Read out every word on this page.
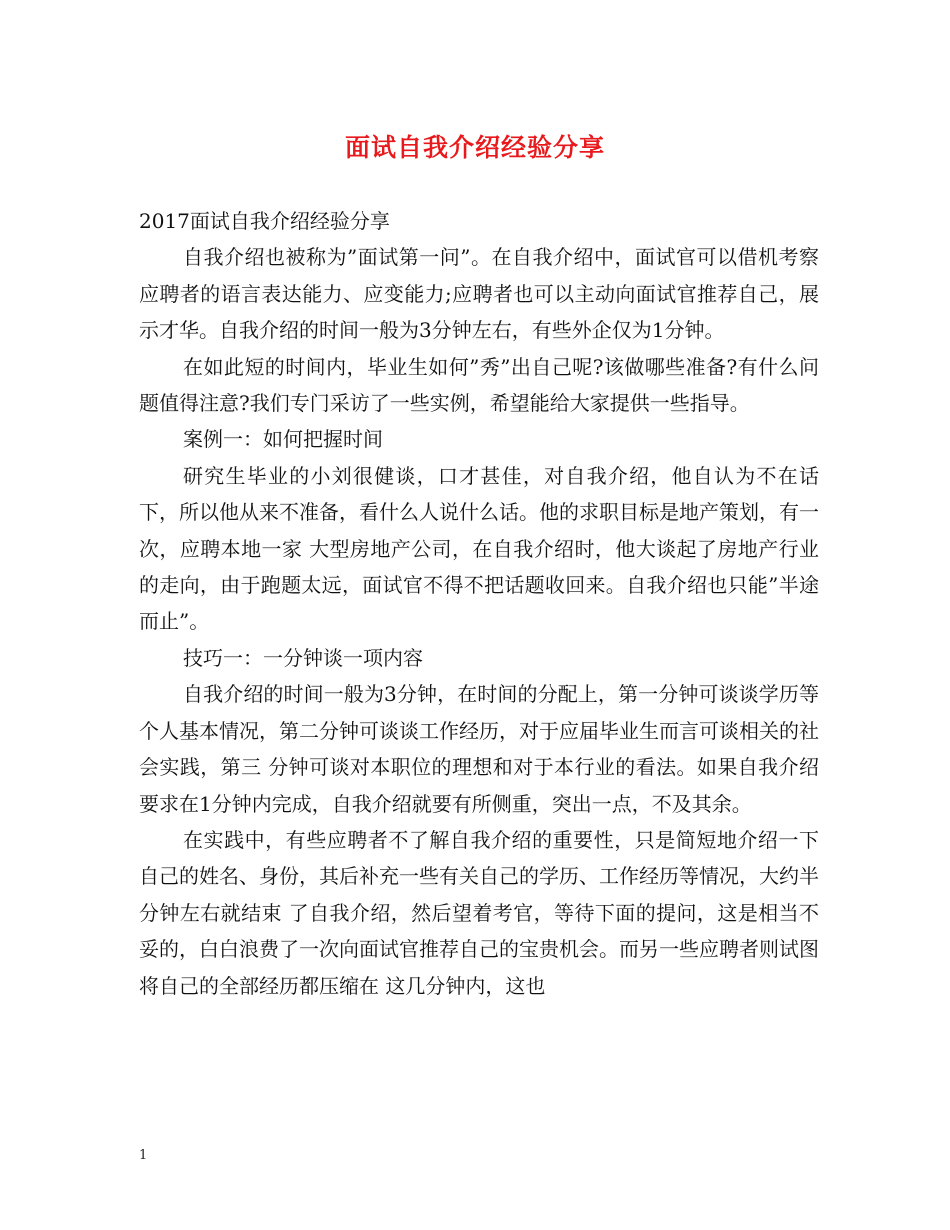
面试自我介绍经验分享

2017面试自我介绍经验分享

自我介绍也被称为”面试第一问”。在自我介绍中，面试官可以借机考察应聘者的语言表达能力、应变能力;应聘者也可以主动向面试官推荐自己，展示才华。自我介绍的时间一般为3分钟左右，有些外企仅为1分钟。

在如此短的时间内，毕业生如何”秀”出自己呢?该做哪些准备?有什么问题值得注意?我们专门采访了一些实例，希望能给大家提供一些指导。

案例一：如何把握时间

研究生毕业的小刘很健谈，口才甚佳，对自我介绍，他自认为不在话下，所以他从来不准备，看什么人说什么话。他的求职目标是地产策划，有一次，应聘本地一家 大型房地产公司，在自我介绍时，他大谈起了房地产行业的走向，由于跑题太远，面试官不得不把话题收回来。自我介绍也只能”半途而止”。

技巧一：一分钟谈一项内容

自我介绍的时间一般为3分钟，在时间的分配上，第一分钟可谈谈学历等个人基本情况，第二分钟可谈谈工作经历，对于应届毕业生而言可谈相关的社会实践，第三 分钟可谈对本职位的理想和对于本行业的看法。如果自我介绍要求在1分钟内完成，自我介绍就要有所侧重，突出一点，不及其余。

在实践中，有些应聘者不了解自我介绍的重要性，只是简短地介绍一下自己的姓名、身份，其后补充一些有关自己的学历、工作经历等情况，大约半分钟左右就结束 了自我介绍，然后望着考官，等待下面的提问，这是相当不妥的，白白浪费了一次向面试官推荐自己的宝贵机会。而另一些应聘者则试图将自己的全部经历都压缩在 这几分钟内，这也

1
